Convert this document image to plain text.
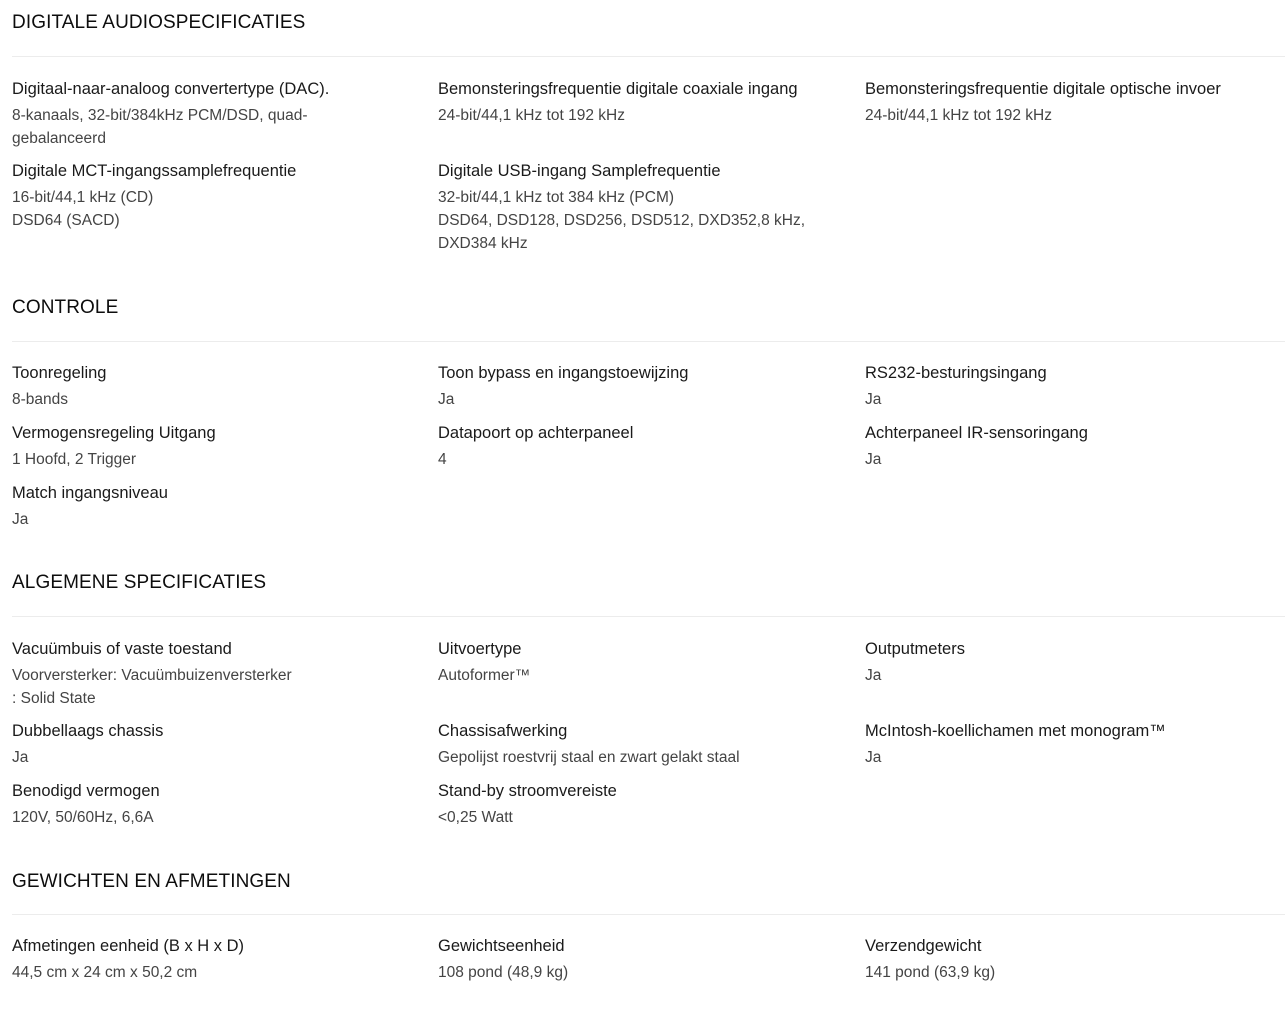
DIGITALE AUDIOSPECIFICATIES
Digitaal-naar-analoog convertertype (DAC).
8-kanaals, 32-bit/384kHz PCM/DSD, quad-
gebalanceerd
Bemonsteringsfrequentie digitale coaxiale ingang
24-bit/44,1 kHz tot 192 kHz
Bemonsteringsfrequentie digitale optische invoer
24-bit/44,1 kHz tot 192 kHz
Digitale MCT-ingangssamplefrequentie
16-bit/44,1 kHz (CD)
DSD64 (SACD)
Digitale USB-ingang Samplefrequentie
32-bit/44,1 kHz tot 384 kHz (PCM)
DSD64, DSD128, DSD256, DSD512, DXD352,8 kHz,
DXD384 kHz
CONTROLE
Toonregeling
8-bands
Toon bypass en ingangstoewijzing
Ja
RS232-besturingsingang
Ja
Vermogensregeling Uitgang
1 Hoofd, 2 Trigger
Datapoort op achterpaneel
4
Achterpaneel IR-sensoringang
Ja
Match ingangsniveau
Ja
ALGEMENE SPECIFICATIES
Vacuümbuis of vaste toestand
Voorversterker: Vacuümbuizenversterker
: Solid State
Uitvoertype
Autoformer™
Outputmeters
Ja
Dubbellaags chassis
Ja
Chassisafwerking
Gepolijst roestvrij staal en zwart gelakt staal
McIntosh-koellichamen met monogram™
Ja
Benodigd vermogen
120V, 50/60Hz, 6,6A
Stand-by stroomvereiste
<0,25 Watt
GEWICHTEN EN AFMETINGEN
Afmetingen eenheid (B x H x D)
44,5 cm x 24 cm x 50,2 cm
Gewichtseenheid
108 pond (48,9 kg)
Verzendgewicht
141 pond (63,9 kg)
